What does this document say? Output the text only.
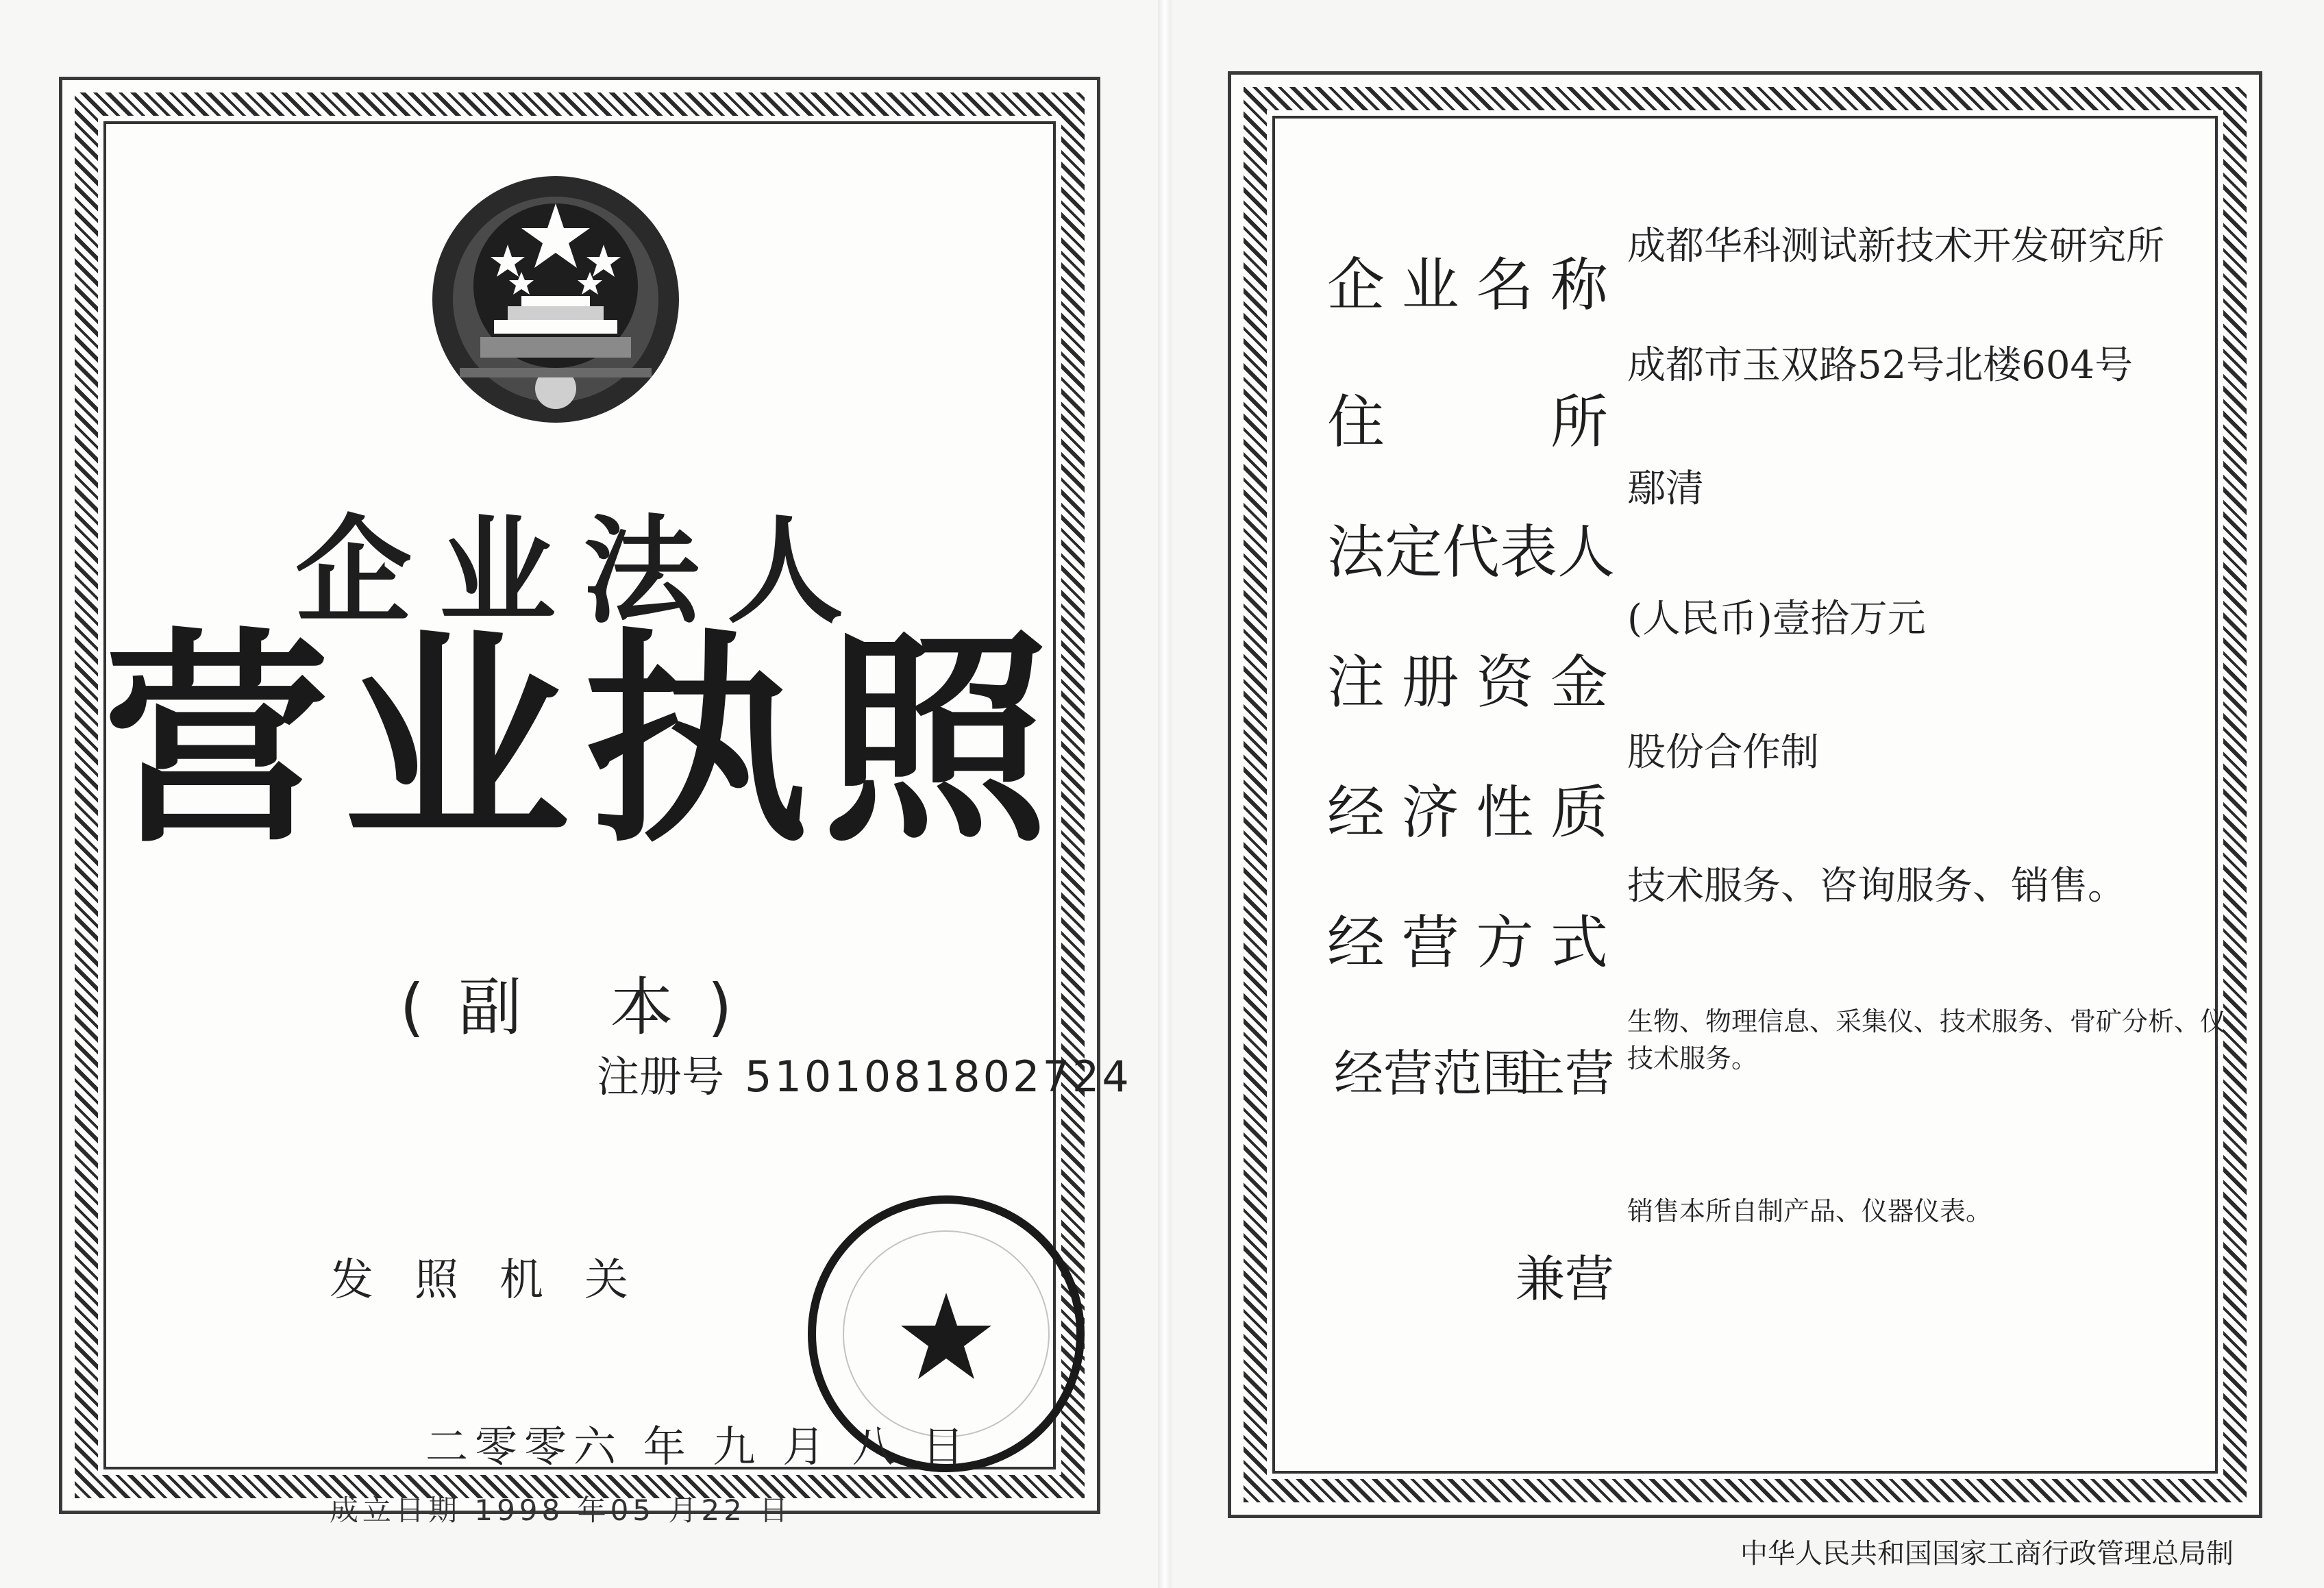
企业法人
营业执照
(副 本)
注册号 5101081802724
发照机关
二零零六 年 九 月 八 日
成立日期 1998 年05 月22 日
企 业 名 称
成都华科测试新技术开发研究所
住	所
成都市玉双路52号北楼604号
法 定 代 表 人
鄢清
注 册 资 金
(人民币)壹拾万元
经 济 性 质
股份合作制
经 营 方 式
技术服务、咨询服务、销售。
经营范围
主营
生物、物理信息、采集仪、技术服务、骨矿分析、仪技术服务。
兼营
销售本所自制产品、仪器仪表。
中华人民共和国国家工商行政管理总局制
